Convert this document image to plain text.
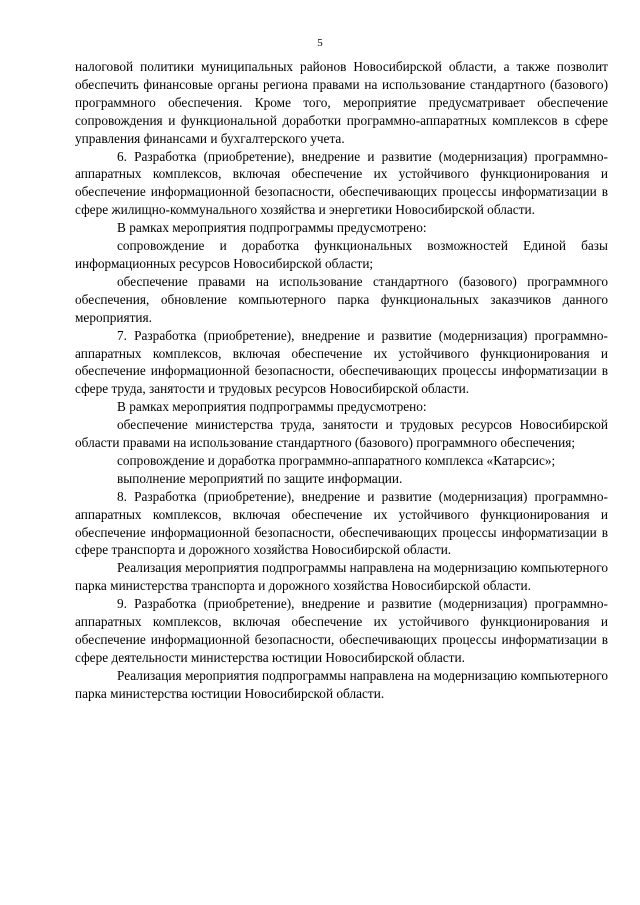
5

налоговой политики муниципальных районов Новосибирской области, а также позволит обеспечить финансовые органы региона правами на использование стандартного (базового) программного обеспечения. Кроме того, мероприятие предусматривает обеспечение сопровождения и функциональной доработки программно-аппаратных комплексов в сфере управления финансами и бухгалтерского учета.

6. Разработка (приобретение), внедрение и развитие (модернизация) программно-аппаратных комплексов, включая обеспечение их устойчивого функционирования и обеспечение информационной безопасности, обеспечивающих процессы информатизации в сфере жилищно-коммунального хозяйства и энергетики Новосибирской области.

В рамках мероприятия подпрограммы предусмотрено:

сопровождение и доработка функциональных возможностей Единой базы информационных ресурсов Новосибирской области;

обеспечение правами на использование стандартного (базового) программного обеспечения, обновление компьютерного парка функциональных заказчиков данного мероприятия.

7. Разработка (приобретение), внедрение и развитие (модернизация) программно-аппаратных комплексов, включая обеспечение их устойчивого функционирования и обеспечение информационной безопасности, обеспечивающих процессы информатизации в сфере труда, занятости и трудовых ресурсов Новосибирской области.

В рамках мероприятия подпрограммы предусмотрено:

обеспечение министерства труда, занятости и трудовых ресурсов Новосибирской области правами на использование стандартного (базового) программного обеспечения;

сопровождение и доработка программно-аппаратного комплекса «Катарсис»;

выполнение мероприятий по защите информации.

8. Разработка (приобретение), внедрение и развитие (модернизация) программно-аппаратных комплексов, включая обеспечение их устойчивого функционирования и обеспечение информационной безопасности, обеспечивающих процессы информатизации в сфере транспорта и дорожного хозяйства Новосибирской области.

Реализация мероприятия подпрограммы направлена на модернизацию компьютерного парка министерства транспорта и дорожного хозяйства Новосибирской области.

9. Разработка (приобретение), внедрение и развитие (модернизация) программно-аппаратных комплексов, включая обеспечение их устойчивого функционирования и обеспечение информационной безопасности, обеспечивающих процессы информатизации в сфере деятельности министерства юстиции Новосибирской области.

Реализация мероприятия подпрограммы направлена на модернизацию компьютерного парка министерства юстиции Новосибирской области.
